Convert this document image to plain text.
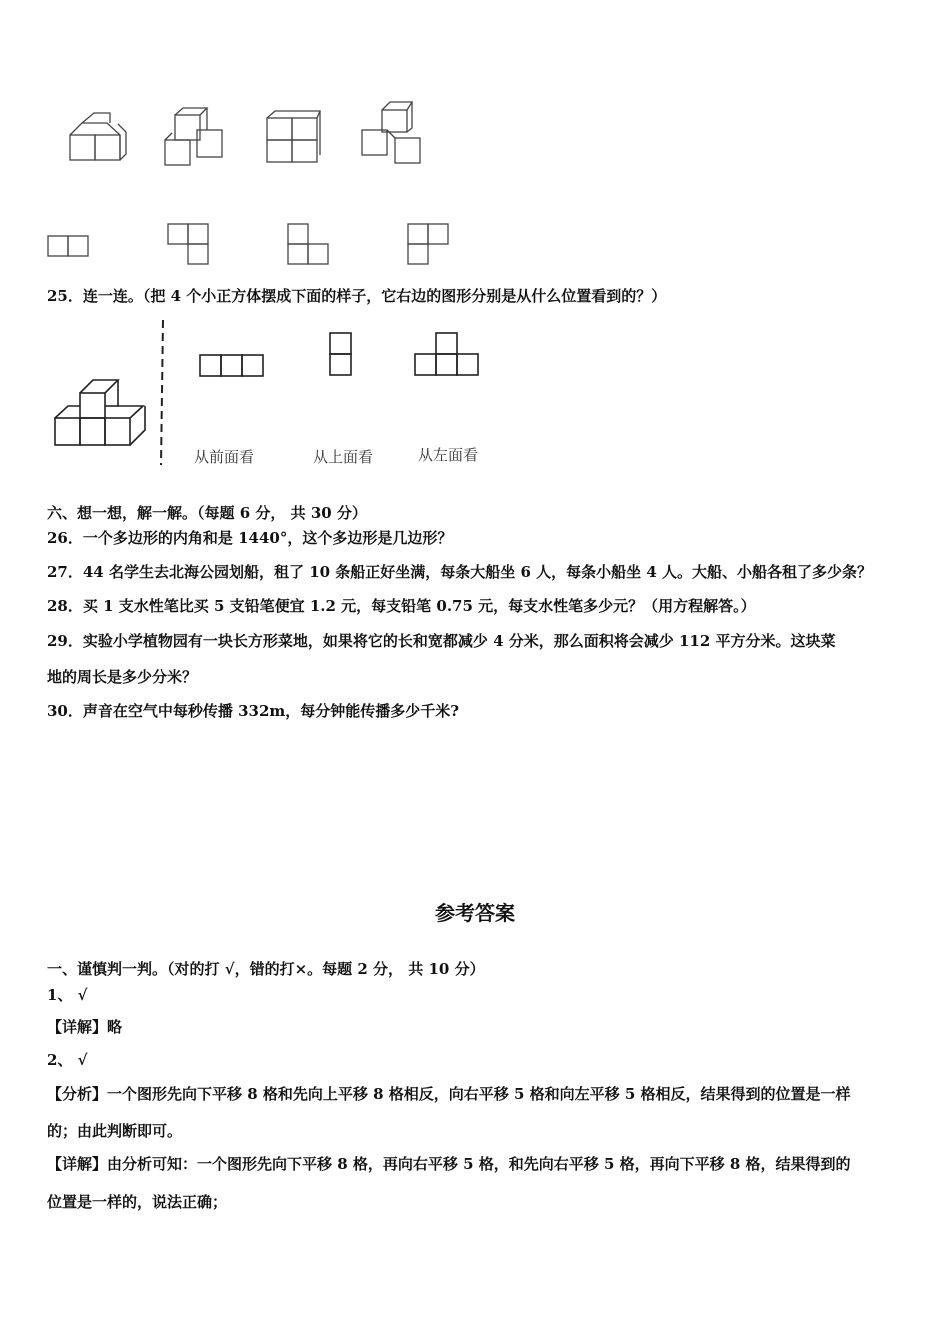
25．连一连。（把 4 个小正方体摆成下面的样子，它右边的图形分别是从什么位置看到的？）
从前面看	从上面看	从左面看
六、想一想，解一解。（每题 6 分， 共 30 分）
26．一个多边形的内角和是 1440°，这个多边形是几边形？
27．44 名学生去北海公园划船，租了 10 条船正好坐满，每条大船坐 6 人，每条小船坐 4 人。大船、小船各租了多少条？
28．买 1 支水性笔比买 5 支铅笔便宜 1.2 元，每支铅笔 0.75 元，每支水性笔多少元？（用方程解答。）
29．实验小学植物园有一块长方形菜地，如果将它的长和宽都减少 4 分米，那么面积将会减少 112 平方分米。这块菜
地的周长是多少分米？
30．声音在空气中每秒传播 332m，每分钟能传播多少千米?
参考答案
一、谨慎判一判。（对的打 √，错的打×。每题 2 分， 共 10 分）
1、 √
【详解】略
2、 √
【分析】一个图形先向下平移 8 格和先向上平移 8 格相反，向右平移 5 格和向左平移 5 格相反，结果得到的位置是一样
的；由此判断即可。
【详解】由分析可知：一个图形先向下平移 8 格，再向右平移 5 格，和先向右平移 5 格，再向下平移 8 格，结果得到的
位置是一样的，说法正确；
